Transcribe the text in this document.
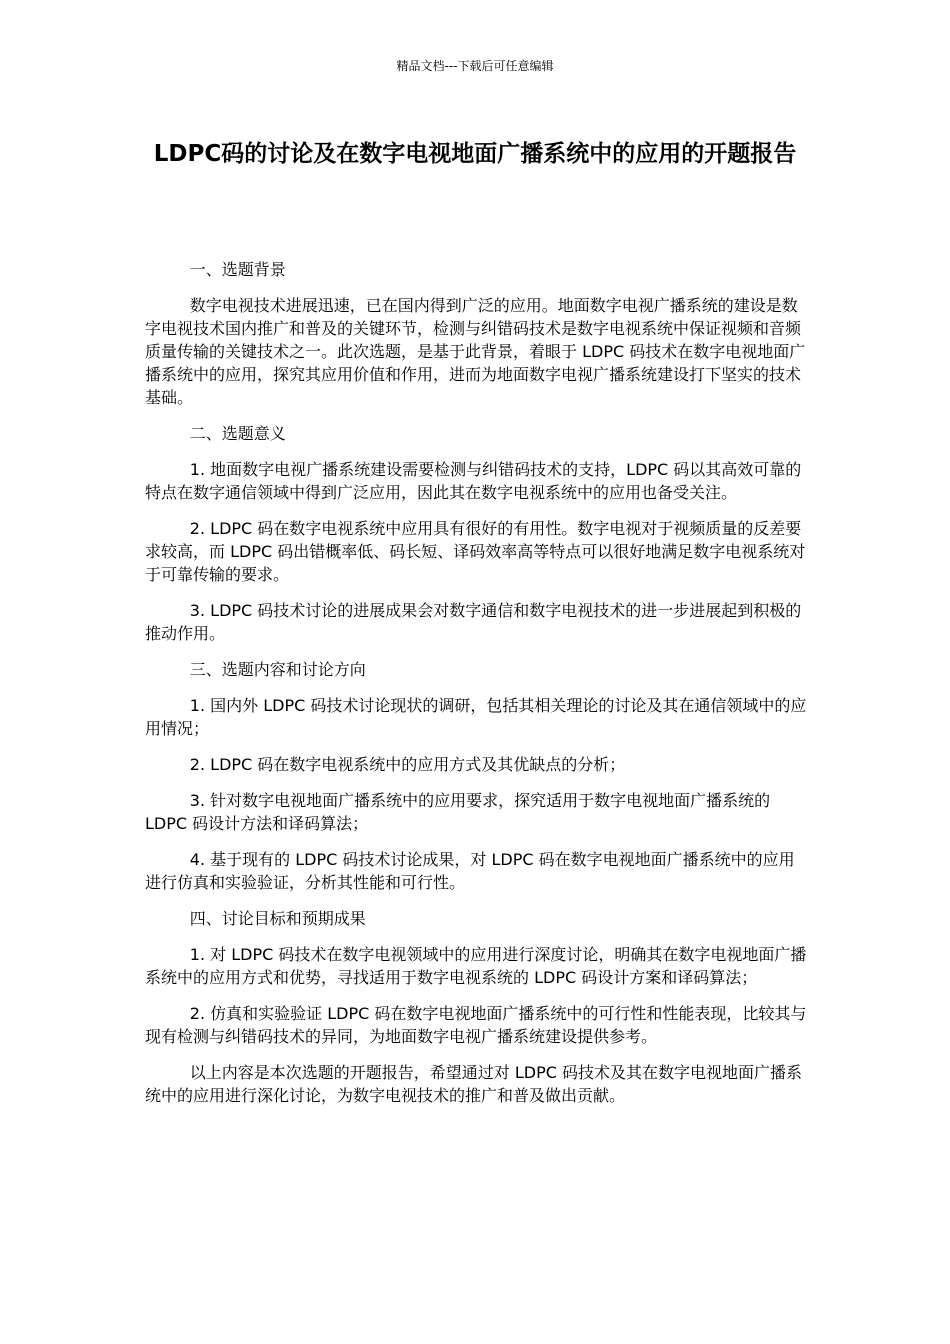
精品文档---下载后可任意编辑
LDPC码的讨论及在数字电视地面广播系统中的应用的开题报告

一、选题背景

数字电视技术进展迅速，已在国内得到广泛的应用。地面数字电视广播系统的建设是数字电视技术国内推广和普及的关键环节，检测与纠错码技术是数字电视系统中保证视频和音频质量传输的关键技术之一。此次选题，是基于此背景，着眼于 LDPC 码技术在数字电视地面广播系统中的应用，探究其应用价值和作用，进而为地面数字电视广播系统建设打下坚实的技术基础。

二、选题意义

1. 地面数字电视广播系统建设需要检测与纠错码技术的支持，LDPC 码以其高效可靠的特点在数字通信领域中得到广泛应用，因此其在数字电视系统中的应用也备受关注。

2. LDPC 码在数字电视系统中应用具有很好的有用性。数字电视对于视频质量的反差要求较高，而 LDPC 码出错概率低、码长短、译码效率高等特点可以很好地满足数字电视系统对于可靠传输的要求。

3. LDPC 码技术讨论的进展成果会对数字通信和数字电视技术的进一步进展起到积极的推动作用。

三、选题内容和讨论方向

1. 国内外 LDPC 码技术讨论现状的调研，包括其相关理论的讨论及其在通信领域中的应用情况；

2. LDPC 码在数字电视系统中的应用方式及其优缺点的分析；

3. 针对数字电视地面广播系统中的应用要求，探究适用于数字电视地面广播系统的 LDPC 码设计方法和译码算法；

4. 基于现有的 LDPC 码技术讨论成果，对 LDPC 码在数字电视地面广播系统中的应用进行仿真和实验验证，分析其性能和可行性。

四、讨论目标和预期成果

1. 对 LDPC 码技术在数字电视领域中的应用进行深度讨论，明确其在数字电视地面广播系统中的应用方式和优势，寻找适用于数字电视系统的 LDPC 码设计方案和译码算法；

2. 仿真和实验验证 LDPC 码在数字电视地面广播系统中的可行性和性能表现，比较其与现有检测与纠错码技术的异同，为地面数字电视广播系统建设提供参考。

以上内容是本次选题的开题报告，希望通过对 LDPC 码技术及其在数字电视地面广播系统中的应用进行深化讨论，为数字电视技术的推广和普及做出贡献。
